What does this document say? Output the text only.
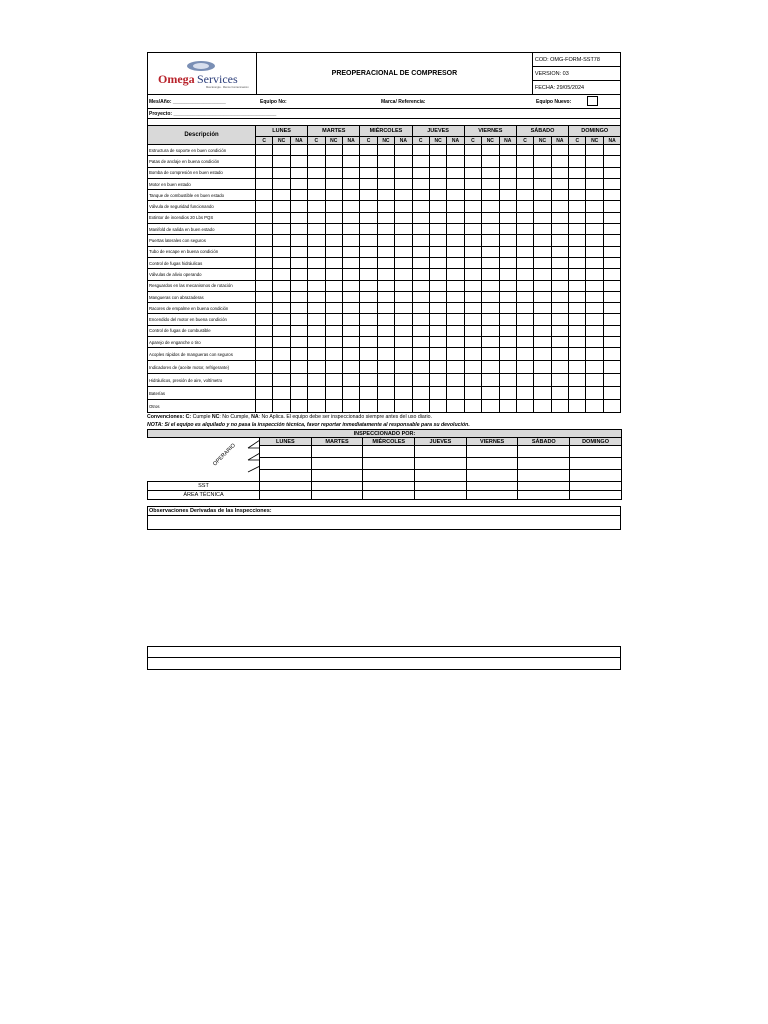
Omega Services
Mas Energia · Menos Contaminacion
	PREOPERACIONAL DE COMPRESOR	COD: OMG-FORM-SST78
VERSION: 03
FECHA: 29/05/2024
Mes/Año: ___________________	Equipo No:	Marca/ Referencia:	Equipo Nuevo:
Proyecto: _____________________________________
Descripción	LUNES			MARTES			MIÉRCOLES			JUEVES			VIERNES			SÁBADO			DOMINGO		
	C	NC	NA	C	NC	NA	C	NC	NA	C	NC	NA	C	NC	NA	C	NC	NA	C	NC	NA
Estructura de soporte en buen condición																					
Patas de anclaje en buena condición																					
Bomba de compresión en buen estado																					
Motor en buen estado																					
Tanque de combustible en buen estado																					
Válvula de seguridad funcionando																					
Extintor de incendios 20 Lbs PQS																					
Manifold de salida en buen estado																					
Puertas laterales con seguros																					
Tubo de escape en buena condición																					
Control de fugas hidráulicas																					
Válvulas de alivio operando																					
Resguardos en las mecanismos de rotación																					
Mangueras con abrazaderas																					
Racores de empalme en buena condición																					
Encendido del motor en buena condición																					
Control de fugas de combustible																					
Aparejo de enganche o tiro																					
Acoples rápidos de mangueras con seguros																					
Indicadores de (aceite motor, refrigerante)																					
Hidráulicos, presión de aire, voltímetro																					
Baterías																					
Otros																					
Convenciones: C: Cumple NC: No Cumple, NA: No Aplica. El equipo debe ser inspeccionado siempre antes del uso diario.
NOTA: Si el equipo es alquilado y no pasa la inspección técnica, favor reportar inmediatamente al responsable para su devolución.
INSPECCIONADO POR:							

OPERARIO	LUNES	MARTES	MIÉRCOLES	JUEVES	VIERNES	SÁBADO	DOMINGO

SST							
ÁREA TÉCNICA							
Observaciones Derivadas de las Inspecciones:
